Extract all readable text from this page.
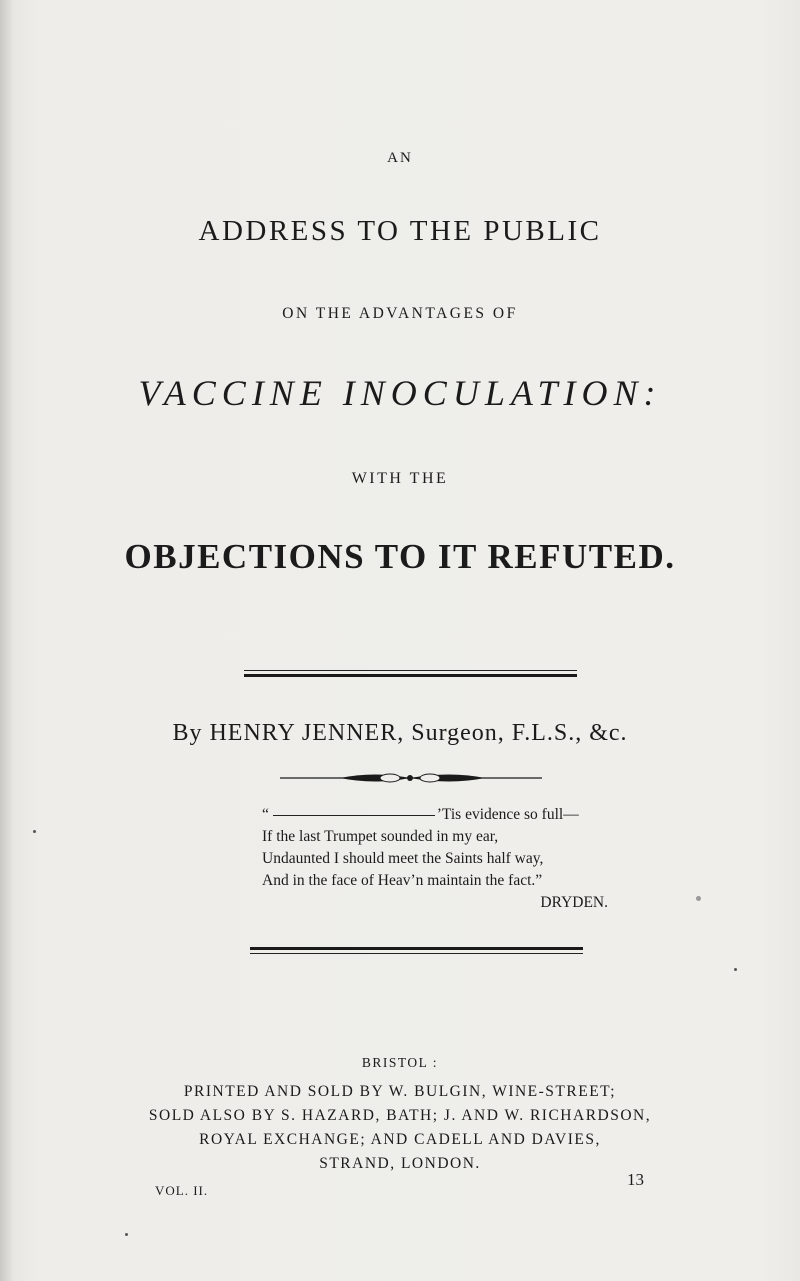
AN
ADDRESS TO THE PUBLIC
ON THE ADVANTAGES OF
VACCINE INOCULATION:
WITH THE
OBJECTIONS TO IT REFUTED.
By HENRY JENNER, Surgeon, F.L.S., &c.
“	’Tis evidence so full—
If the last Trumpet sounded in my ear,
Undaunted I should meet the Saints half way,
And in the face of Heav’n maintain the fact.”
DRYDEN.
BRISTOL :
PRINTED AND SOLD BY W. BULGIN, WINE-STREET;
SOLD ALSO BY S. HAZARD, BATH; J. AND W. RICHARDSON,
ROYAL EXCHANGE; AND CADELL AND DAVIES,
STRAND, LONDON.
VOL. II.
13
